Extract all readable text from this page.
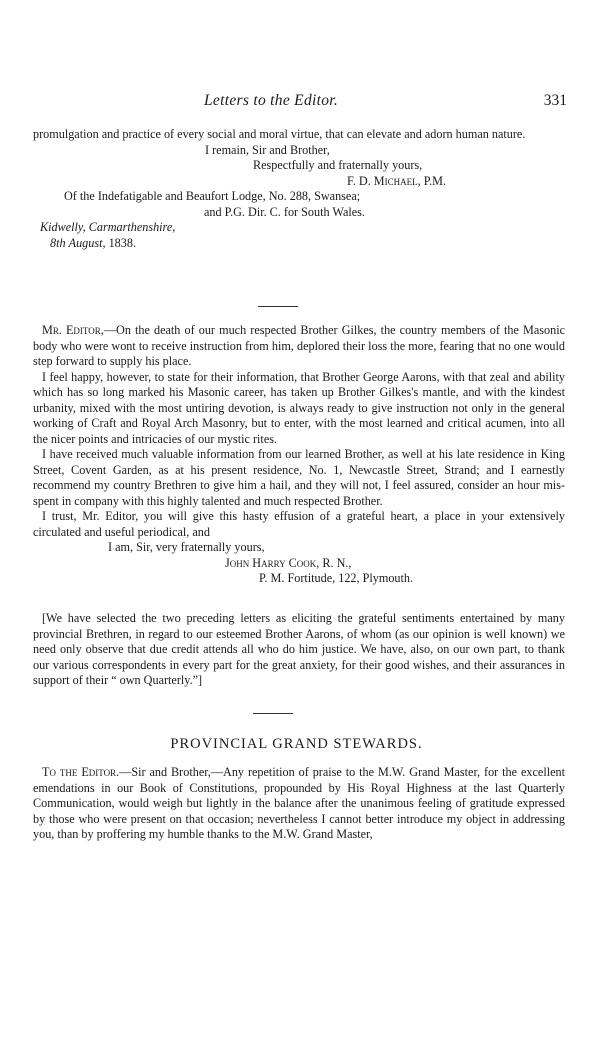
Letters to the Editor.	331

promulgation and practice of every social and moral virtue, that can elevate and adorn human nature.

I remain, Sir and Brother,

Respectfully and fraternally yours,

F. D. Michael, P.M.

Of the Indefatigable and Beaufort Lodge, No. 288, Swansea;

and P.G. Dir. C. for South Wales.

Kidwelly, Carmarthenshire,

8th August, 1838.

Mr. Editor,—On the death of our much respected Brother Gilkes, the country members of the Masonic body who were wont to receive instruction from him, deplored their loss the more, fearing that no one would step forward to supply his place.

I feel happy, however, to state for their information, that Brother George Aarons, with that zeal and ability which has so long marked his Masonic career, has taken up Brother Gilkes's mantle, and with the kindest urbanity, mixed with the most untiring devotion, is always ready to give instruction not only in the general working of Craft and Royal Arch Masonry, but to enter, with the most learned and critical acumen, into all the nicer points and intricacies of our mystic rites.

I have received much valuable information from our learned Brother, as well at his late residence in King Street, Covent Garden, as at his present residence, No. 1, Newcastle Street, Strand; and I earnestly recommend my country Brethren to give him a hail, and they will not, I feel assured, consider an hour mis-spent in company with this highly talented and much respected Brother.

I trust, Mr. Editor, you will give this hasty effusion of a grateful heart, a place in your extensively circulated and useful periodical, and

I am, Sir, very fraternally yours,

John Harry Cook, R. N.,

P. M. Fortitude, 122, Plymouth.

[We have selected the two preceding letters as eliciting the grateful sentiments entertained by many provincial Brethren, in regard to our esteemed Brother Aarons, of whom (as our opinion is well known) we need only observe that due credit attends all who do him justice. We have, also, on our own part, to thank our various correspondents in every part for the great anxiety, for their good wishes, and their assurances in support of their “ own Quarterly.”]

PROVINCIAL GRAND STEWARDS.

To the Editor.—Sir and Brother,—Any repetition of praise to the M.W. Grand Master, for the excellent emendations in our Book of Constitutions, propounded by His Royal Highness at the last Quarterly Communication, would weigh but lightly in the balance after the unanimous feeling of gratitude expressed by those who were present on that occasion; nevertheless I cannot better introduce my object in addressing you, than by proffering my humble thanks to the M.W. Grand Master,
